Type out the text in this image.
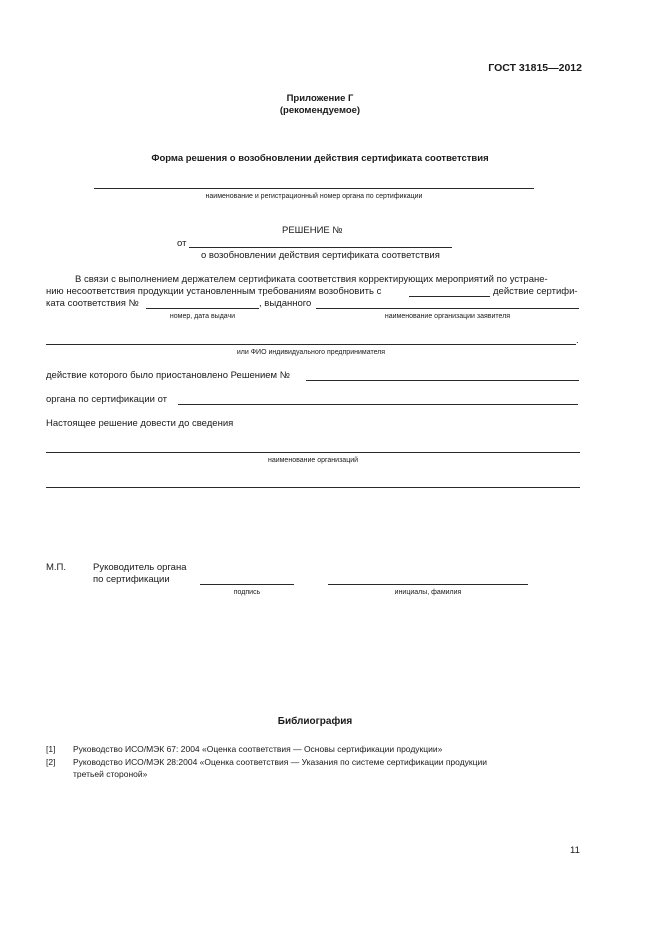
ГОСТ 31815—2012
Приложение Г
(рекомендуемое)
Форма решения о возобновлении действия сертификата соответствия
наименование и регистрационный номер органа по сертификации
РЕШЕНИЕ №
от
о возобновлении действия сертификата соответствия
В связи с выполнением держателем сертификата соответствия корректирующих мероприятий по устране-
нию несоответствия продукции установленным требованиям возобновить с	действие сертифи-
ката соответствия №	, выданного
номер, дата выдачи	наименование организации заявителя
.
или ФИО индивидуального предпринимателя
действие которого было приостановлено Решением №
органа по сертификации от
Настоящее решение довести до сведения
наименование организаций
М.П.	Руководитель органа
по сертификации
подпись	инициалы, фамилия
Библиография
[1] Руководство ИСО/МЭК 67: 2004 «Оценка соответствия — Основы сертификации продукции»
[2] Руководство ИСО/МЭК 28:2004 «Оценка соответствия — Указания по системе сертификации продукции
третьей стороной»
11
